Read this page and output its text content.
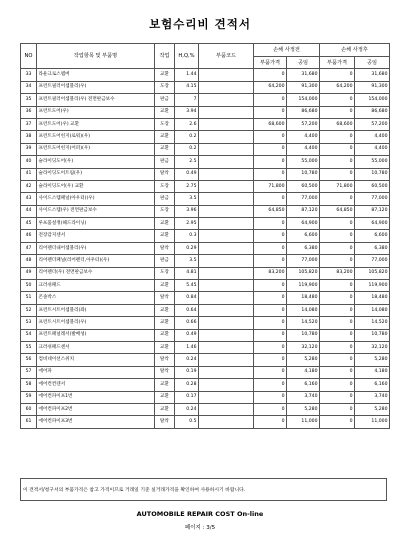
보험수리비 견적서
NO	작업항목 및 부품명	작업	H,Q,%	부품코드	손해 사정전		손해 사정후	
					부품가격	공임	부품가격	공임
33	라운크로스멤버	교환	1.44		0	31,680	0	31,680
34	프런트필러어셈블리(우)	도장	4.15		64,200	91,300	64,200	91,300
35	프런트필러어셈블리(우) 전면판금보수	판금	7		0	154,000	0	154,000
36	프런트도어(우)	교환	3.94		0	86,680	0	86,680
37	프런트도어(우) 교환	도장	2.6		68,600	57,200	68,600	57,200
38	프런트도어힌지(로워)(우)	교환	0.2		0	4,400	0	4,400
39	프런트도어힌지(어퍼)(우)	교환	0.2		0	4,400	0	4,400
40	슬라이딩도어(우)	판금	2.5		0	55,000	0	55,000
41	슬라이딩도어트림(우)	탈착	0.49		0	10,780	0	10,780
42	슬라이딩도어(우) 교환	도장	2.75		71,800	60,500	71,800	60,500
43	사이드스텝패널(아우터)(우)	판금	3.5		0	77,000	0	77,000
44	사이드스텝(우) 전면판금보수	도장	3.96		64,850	87,120	64,850	87,120
45	루프품설정(헤드라이닝)	교환	2.95		0	64,900	0	64,900
46	전장감지센서	교환	0.3		0	6,600	0	6,600
47	리어펜더내어셈블리(우)	탈착	0.29		0	6,380	0	6,380
48	리어펜더패널(리어펜더,아우터)(우)	판금	3.5		0	77,000	0	77,000
49	리어펜더(우) 전면판금보수	도장	4.81		83,200	105,820	83,200	105,820
50	크러쉬패드	교환	5.45		0	119,900	0	119,900
51	콘솔박스	탈착	0.84		0	18,480	0	18,480
52	프런트시트어셈블리(좌)	교환	0.64		0	14,080	0	14,080
53	프런트시트어셈블리(우)	교환	0.66		0	14,520	0	14,520
54	프런트패널레서(발배성)	교환	0.49		0	10,780	0	10,780
55	크러쉬패드센서	교환	1.46		0	32,120	0	32,120
56	컴비네이션스위치	탈착	0.24		0	5,280	0	5,280
57	에어파	탈착	0.19		0	4,180	0	4,180
58	에어컨컨덴서	교환	0.28		0	6,160	0	6,160
59	에어컨파이프1번	교환	0.17		0	3,740	0	3,740
60	에어컨파이프2번	교환	0.24		0	5,280	0	5,280
61	에어컨파이프3번	탈착	0.5		0	11,000	0	11,000
이 견적서/청구서의 부품가격은 참고 가격이므로 거래일 기준 실거래가격을 확인하여 사용하시기 바랍니다.
AUTOMOBILE REPAIR COST On-line
페이지 : 3/5
